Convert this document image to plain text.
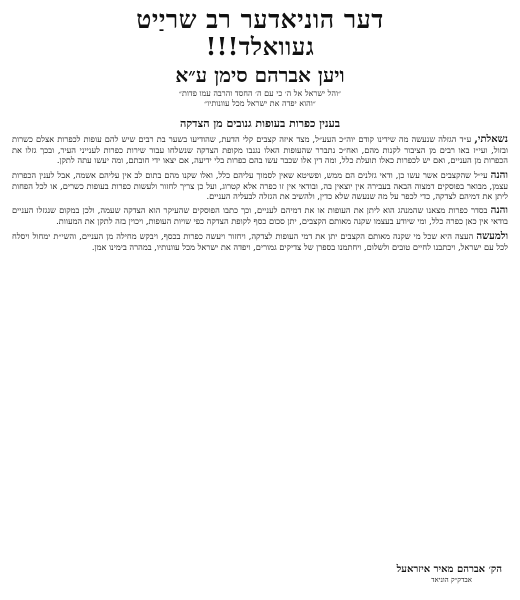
דער הוניאדער רב שריַיט
געוואלד!!!
ויען אברהם סימן ע״א
״והל ישראל אל ה׳ כי עם ה׳ החסד והרבה עמו פדות״
״והוא יפדה את ישראל מכל עוונותיו״
בענין כפרות בעופות גנובים מן הצדקה

נשאלתי, ע״ד הגזלה שנעשה מה שידינו קודם יוה״כ העע״ל, מצד איזה קצבים קלי הדעת, שהודיעו בשער בת רבים שיש להם עופות לכפרות אצלם כשרות ובזול, ועי״ז באו רבים מן הציבור לקנות מהם, ואח״כ נתברר שהעופות האלו נגנבו מקופת הצדקה שנשלחו עבור שירות כפרות לענייני העיר, ובכך גזלו את הכפרות מן העניים, ואם יש לכפרות כאלו תועלת כלל, ומה דין אלו שכבר עשו בהם כפרות בלי ידיעה, אם יצאו ידי חובתם, ומה יעשו עתה לתקן.

והנה עי״ל שהקצבים אשר עשו כן, ודאי גזלנים הם ממש, ופשיטא שאין לסמוך עליהם כלל, ואלו שקנו מהם בתום לב אין עליהם אשמה, אבל לענין הכפרות עצמן, מבואר בפוסקים דמצוה הבאה בעבירה אין יוצאין בה, ובודאי אין זו כפרה אלא קטרוג, ועל כן צריך לחזור ולעשות כפרות בעופות כשרים, או לכל הפחות ליתן את דמיהם לצדקה, כדי לכפר על מה שנעשה שלא כדין, ולהשיב את הגזלה לבעליה העניים.

והנה בסדר כפרות מצאנו שהמנהג הוא ליתן את העופות או את דמיהם לעניים, וכך כתבו הפוסקים שהעיקר הוא הצדקה שעמה, ולכן במקום שנגזלו העניים בודאי אין כאן כפרה כלל, ומי שיודע בעצמו שקנה מאותם הקצבים, יתן סכום כסף לקופת הצדקה כפי שויות העופות, ויכוין בזה לתקן את המעוות.

ולמעשה העצה היא שכל מי שקנה מאותם הקצבים יתן את דמי העופות לצדקה, ויחזור ויעשה כפרות בכסף, ויבקש מחילה מן העניים, והשי״ת ימחול ויסלח לכל עם ישראל, ויכתבנו לחיים טובים ולשלום, ויחתמנו בספרן של צדיקים גמורים, ויפדה את ישראל מכל עוונותיו, במהרה בימינו אמן.

הק׳ אברהם מאיר איזראעל
אבדק״ק הוניאד
